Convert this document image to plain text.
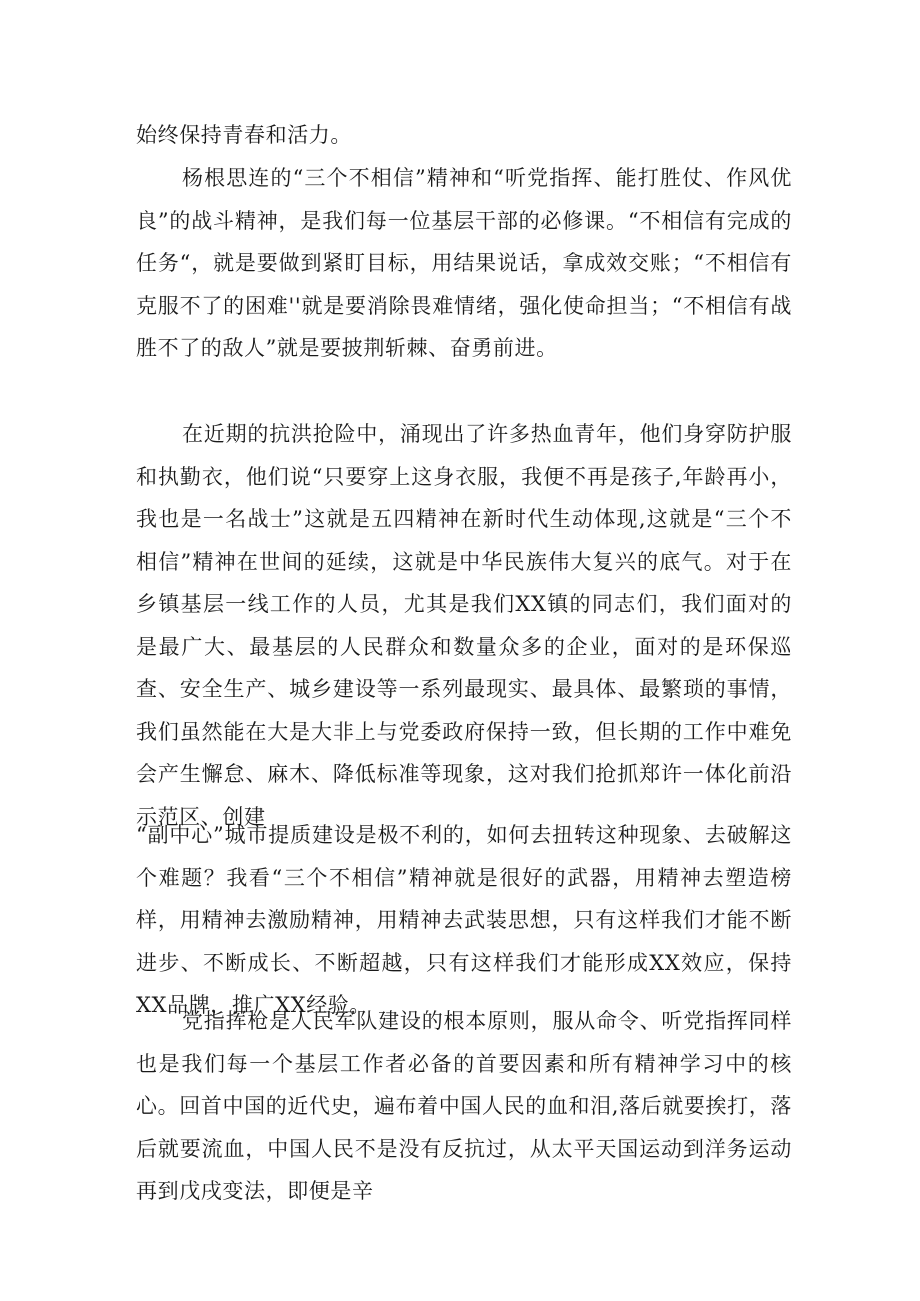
始终保持青春和活力。

杨根思连的“三个不相信”精神和“听党指挥、能打胜仗、作风优良”的战斗精神，是我们每一位基层干部的必修课。“不相信有完成的任务“，就是要做到紧盯目标，用结果说话，拿成效交账；“不相信有克服不了的困难''就是要消除畏难情绪，强化使命担当；“不相信有战胜不了的敌人”就是要披荆斩棘、奋勇前进。

在近期的抗洪抢险中，涌现出了许多热血青年，他们身穿防护服和执勤衣，他们说“只要穿上这身衣服，我便不再是孩子,年龄再小，我也是一名战士”这就是五四精神在新时代生动体现,这就是“三个不相信”精神在世间的延续，这就是中华民族伟大复兴的底气。对于在乡镇基层一线工作的人员，尤其是我们XX镇的同志们，我们面对的是最广大、最基层的人民群众和数量众多的企业，面对的是环保巡查、安全生产、城乡建设等一系列最现实、最具体、最繁琐的事情，我们虽然能在大是大非上与党委政府保持一致，但长期的工作中难免会产生懈怠、麻木、降低标准等现象，这对我们抢抓郑许一体化前沿示范区、创建

“副中心”城市提质建设是极不利的，如何去扭转这种现象、去破解这个难题？我看“三个不相信”精神就是很好的武器，用精神去塑造榜样，用精神去激励精神，用精神去武装思想，只有这样我们才能不断进步、不断成长、不断超越，只有这样我们才能形成XX效应，保持XX品牌，推广XX经验。

党指挥枪是人民军队建设的根本原则，服从命令、听党指挥同样也是我们每一个基层工作者必备的首要因素和所有精神学习中的核心。回首中国的近代史，遍布着中国人民的血和泪,落后就要挨打，落后就要流血，中国人民不是没有反抗过，从太平天国运动到洋务运动再到戊戌变法，即便是辛
